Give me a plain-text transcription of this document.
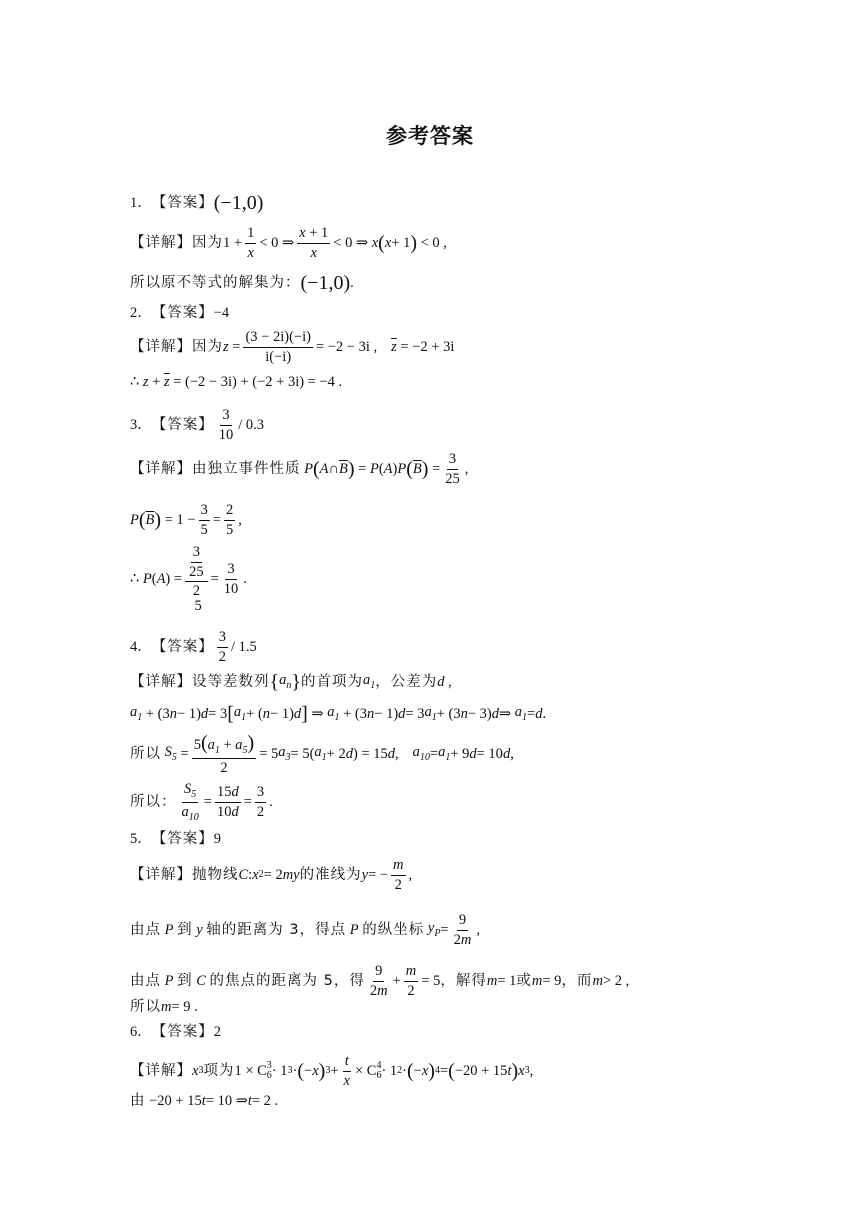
参考答案
1． 【答案】 (−1,0)
【详解】 因为 $1 + \frac{1}{x} < 0$ ⇒ $\frac{x + 1}{x} < 0$ ⇒ x ( x + 1 ) < 0 ,
所以原不等式的解集为： (−1,0) .
2． 【答案】 −4
【详解】 因为 $z = \frac{(3 - 2i)(-i)}{i(-i)} = -2 - 3i$ , $\overline{z} = -2 + 3i$
∴ $z + \overline{z} = (-2 - 3i) + (-2 + 3i) = -4$ .
3． 【答案】 $\frac{3}{10} / 0.3$
【详解】 由独立事件性质 P ( A ∩ $\overline{B}$ ) = P ( A ) P ( $\overline{B}$ ) = $\frac{3}{25}$ ,
P ( $\overline{B}$ ) = $1 - \frac{3}{5} = \frac{2}{5}$ ,
∴ P ( A ) = $\frac{3}{25}$
2
5
= $\frac{3}{10}$ .
4． 【答案】 $\frac{3}{2} / 1.5$
【详解】 设等差数列 { $a_n$ } 的首项为 $a_1$ ，公差为 d ,
$a_1 + (3$ n − 1) d = 3 [ $a_1$ + ( n − 1) d ] ⇒ $a_1 + (3$ n − 1) d = 3 $a_1 + (3$ n − 3) d ⇒ $a_1 = d$ .
所以 $S_5 = \frac{5(a_1 + a_5)}{2} = 5$ $a_3 = 5$( $a_1 + 2$ d ) = 15 d , $a_{10} = a_1 + 9$ d = 10 d ,
所以： $\frac{S_5}{a_{10}} = \frac{15d}{10d} = \frac{3}{2}$ .
5． 【答案】 9
【详解】 抛物线 C : x 2 = 2 my 的准线为 y = − $\frac{m}{2}$ ,
由点 P 到 y 轴的距离为 3，得点 P 的纵坐标 $y_P = \frac{9}{2m}$ ,
由点 P 到 C 的焦点的距离为 5，得 $\frac{9}{2m} + \frac{m}{2} = 5$ ，解得 m = 1 或 m = 9 ，而 m > 2 ,
所以 m = 9 .
6． 【答案】 2
【详解】 x 3 项为 1 × C 3
6 · 1 3 · ( − x ) $3 + \frac{t}{x} \times C$ 4
6 · 1 2 · ( − x ) 4 = ( −20 + 15 t ) x 3 ,
由 −20 + 15 t = 10 ⇒ t = 2 .
